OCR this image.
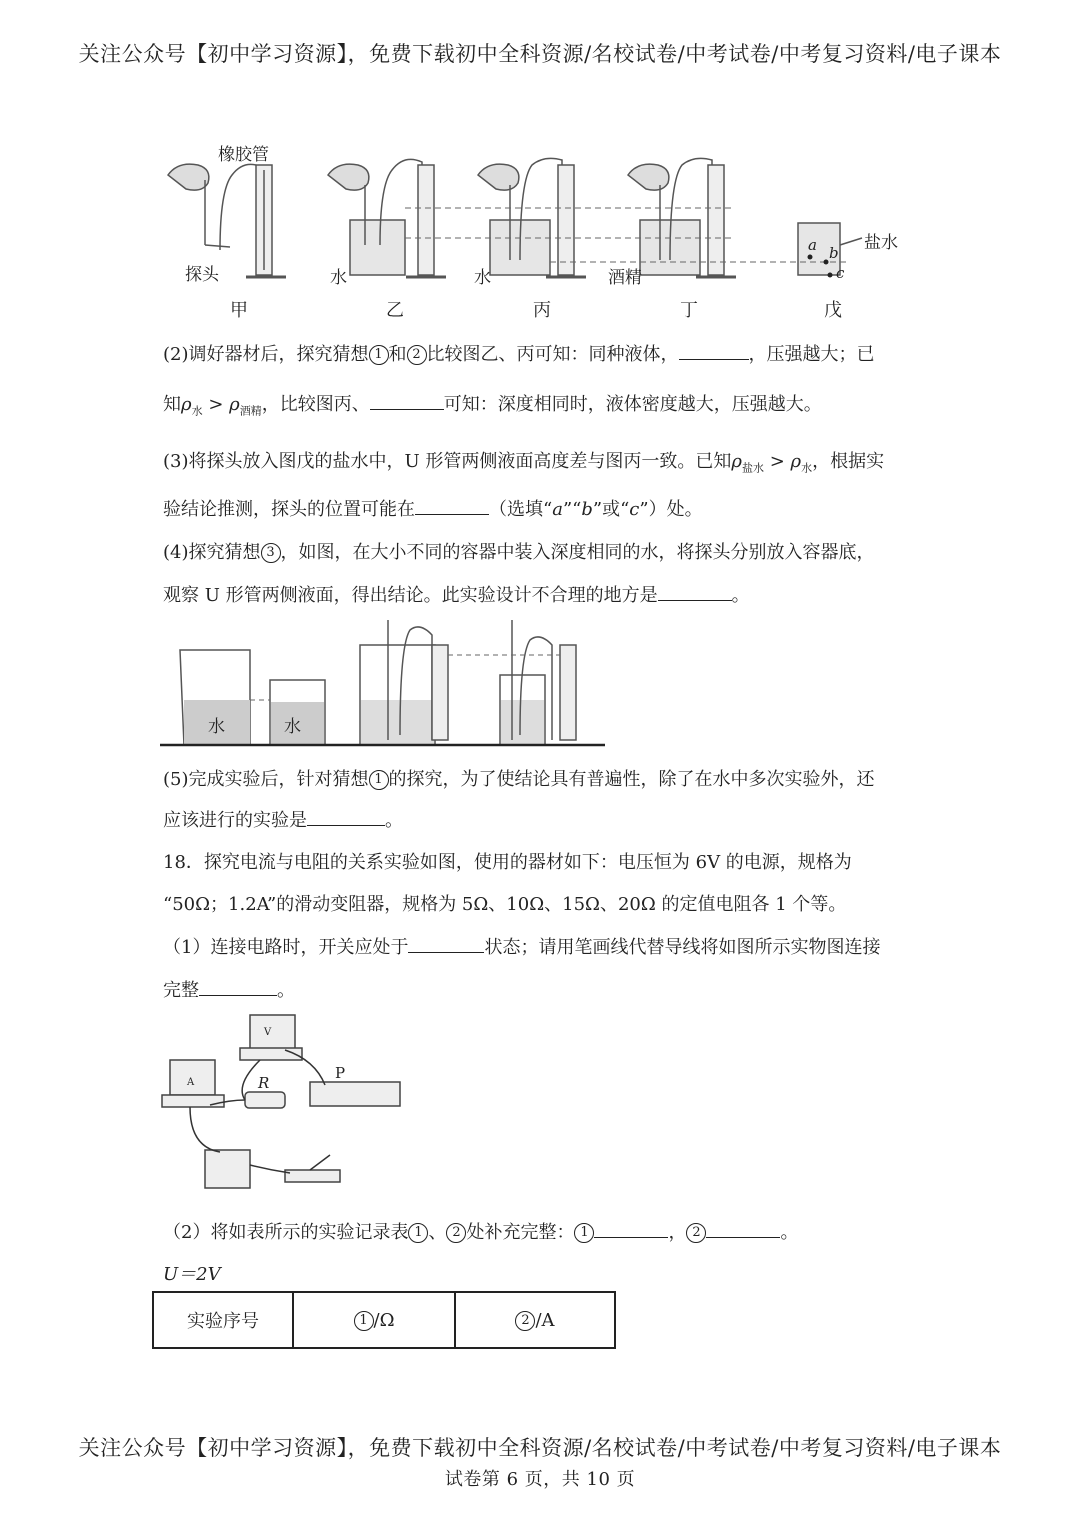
关注公众号【初中学习资源】，免费下载初中全科资源/名校试卷/中考试卷/中考复习资料/电子课本
橡胶管
探头	水	水	酒精
盐水
a b
c
甲	乙	丙	丁	戊
(2)调好器材后，探究猜想 1 和 2 比较图乙、丙可知：同种液体，	，压强越大；已
知$\rho_水 > \rho_{酒精}$，比较图丙、	可知：深度相同时，液体密度越大，压强越大。
(3)将探头放入图戊的盐水中，U 形管两侧液面高度差与图丙一致。已知$\rho_{盐水} > \rho_水$，根据实
验结论推测，探头的位置可能在	（选填“a”“b”或“c”）处。
(4)探究猜想 3 ，如图，在大小不同的容器中装入深度相同的水，将探头分别放入容器底，
观察 U 形管两侧液面，得出结论。此实验设计不合理的地方是	。
水	水
(5)完成实验后，针对猜想 1 的探究，为了使结论具有普遍性，除了在水中多次实验外，还
应该进行的实验是	。
18．探究电流与电阻的关系实验如图，使用的器材如下：电压恒为 6V 的电源，规格为
“50Ω；1.2A”的滑动变阻器，规格为 5Ω、10Ω、15Ω、20Ω 的定值电阻各 1 个等。
（1）连接电路时，开关应处于	状态；请用笔画线代替导线将如图所示实物图连接
完整	。
R
P
V
A
（2）将如表所示的实验记录表 1 、 2 处补充完整： 1	， 2	。
U＝2V
实验序号	1 /Ω	2 /A
关注公众号【初中学习资源】，免费下载初中全科资源/名校试卷/中考试卷/中考复习资料/电子课本
试卷第 6 页，共 10 页
